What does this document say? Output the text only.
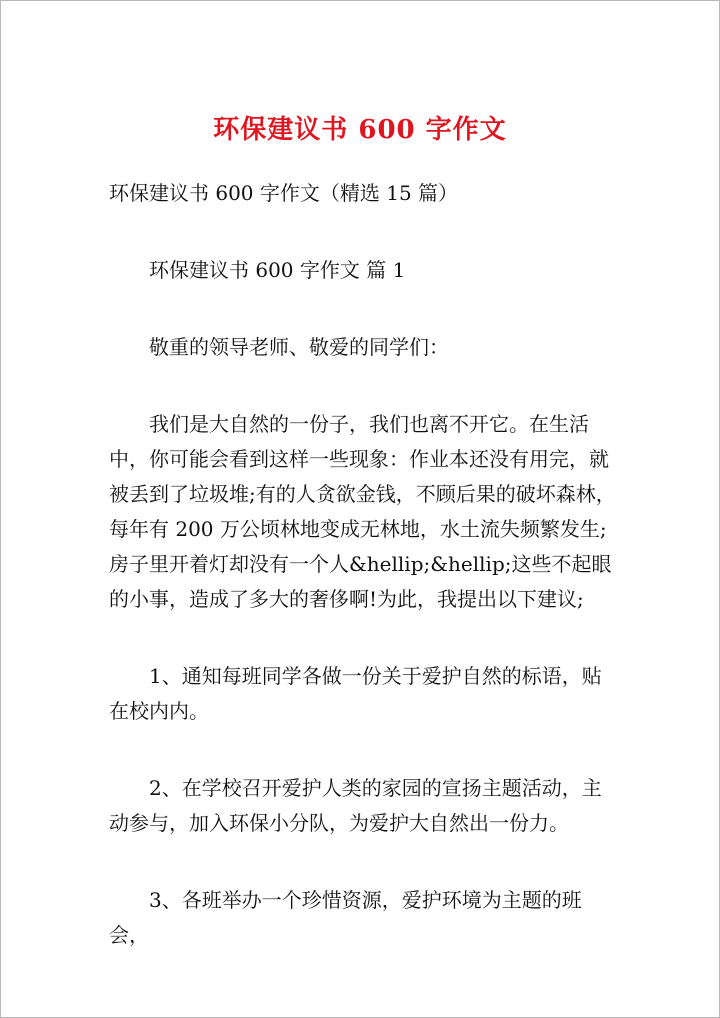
环保建议书 600 字作文

环保建议书 600 字作文（精选 15 篇）

环保建议书 600 字作文 篇 1

敬重的领导老师、敬爱的同学们：

我们是大自然的一份子，我们也离不开它。在生活中，你可能会看到这样一些现象：作业本还没有用完，就被丢到了垃圾堆;有的人贪欲金钱，不顾后果的破坏森林，每年有 200 万公顷林地变成无林地，水土流失频繁发生;房子里开着灯却没有一个人&hellip;&hellip;这些不起眼的小事，造成了多大的奢侈啊!为此，我提出以下建议;

1、通知每班同学各做一份关于爱护自然的标语，贴在校内内。

2、在学校召开爱护人类的家园的宣扬主题活动，主动参与，加入环保小分队，为爱护大自然出一份力。

3、各班举办一个珍惜资源，爱护环境为主题的班会，
